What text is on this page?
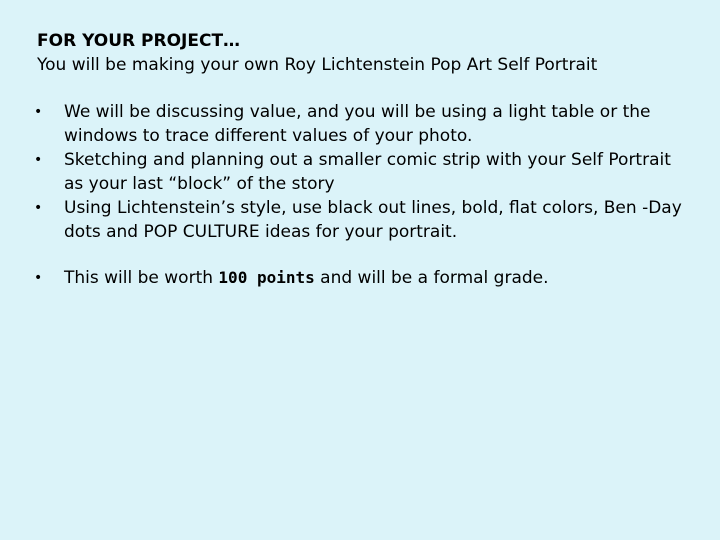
FOR YOUR PROJECT…
You will be making your own Roy Lichtenstein Pop Art Self Portrait
• We will be discussing value, and you will be using a light table or the windows to trace different values of your photo.
• Sketching and planning out a smaller comic strip with your Self Portrait as your last “block” of the story
• Using Lichtenstein’s style, use black out lines, bold, flat colors, Ben -Day dots and POP CULTURE ideas for your portrait.
• This will be worth 100 points and will be a formal grade.
